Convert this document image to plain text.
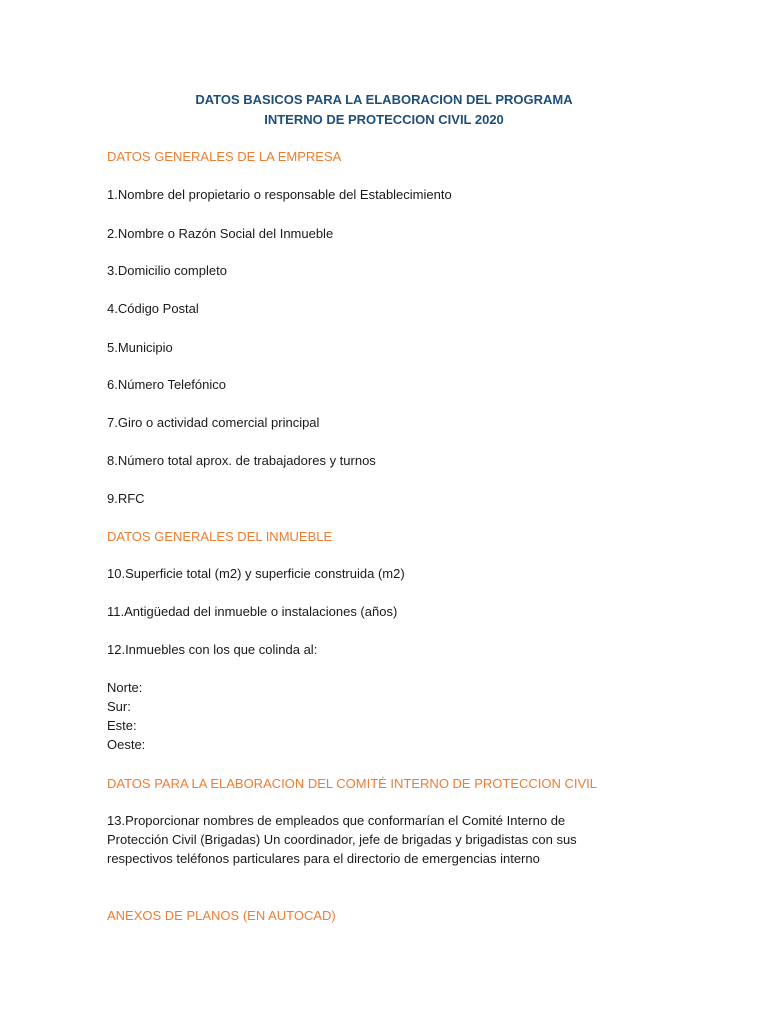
DATOS BASICOS PARA LA ELABORACION DEL PROGRAMA
INTERNO DE PROTECCION CIVIL 2020
DATOS GENERALES DE LA EMPRESA
1.Nombre del propietario o responsable del Establecimiento
2.Nombre o Razón Social del Inmueble
3.Domicilio completo
4.Código Postal
5.Municipio
6.Número Telefónico
7.Giro o actividad comercial principal
8.Número total aprox. de trabajadores y turnos
9.RFC
DATOS GENERALES DEL INMUEBLE
10.Superficie total (m2) y superficie construida (m2)
11.Antigüedad del inmueble o instalaciones (años)
12.Inmuebles con los que colinda al:
Norte:
Sur:
Este:
Oeste:
DATOS PARA LA ELABORACION DEL COMITÉ INTERNO DE PROTECCION CIVIL
13.Proporcionar nombres de empleados que conformarían el Comité Interno de
Protección Civil (Brigadas) Un coordinador, jefe de brigadas y brigadistas con sus
respectivos teléfonos particulares para el directorio de emergencias interno
ANEXOS DE PLANOS (EN AUTOCAD)
